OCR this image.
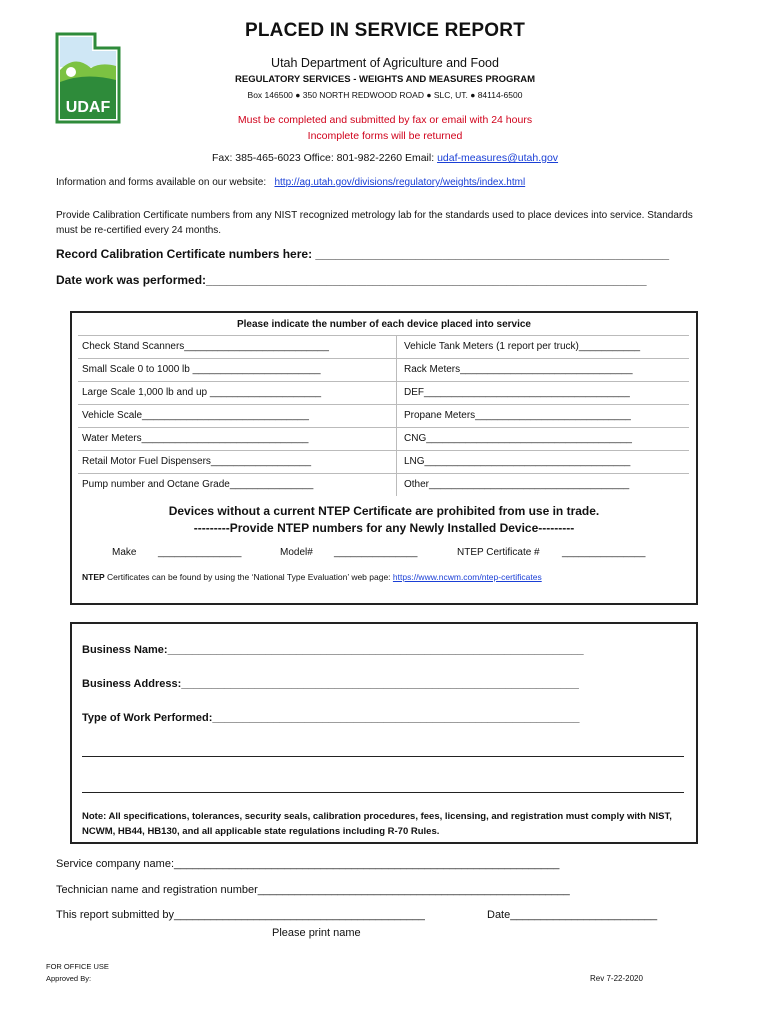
UDAF
PLACED IN SERVICE REPORT
Utah Department of Agriculture and Food
REGULATORY SERVICES - WEIGHTS AND MEASURES PROGRAM
Box 146500 ● 350 NORTH REDWOOD ROAD ● SLC, UT. ● 84114-6500
Must be completed and submitted by fax or email with 24 hours
Incomplete forms will be returned
Fax: 385-465-6023 Office: 801-982-2260 Email: udaf-measures@utah.gov
Information and forms available on our website: http://ag.utah.gov/divisions/regulatory/weights/index.html
Provide Calibration Certificate numbers from any NIST recognized metrology lab for the standards used to place devices into service. Standards must be re-certified every 24 months.
Record Calibration Certificate numbers here: _____________________________________________________
Date work was performed:__________________________________________________________________
Please indicate the number of each device placed into service
Check Stand Scanners__________________________	Vehicle Tank Meters (1 report per truck)___________
Small Scale 0 to 1000 lb _______________________	Rack Meters_______________________________
Large Scale 1,000 lb and up ____________________	DEF_____________________________________
Vehicle Scale______________________________	Propane Meters____________________________
Water Meters______________________________	CNG_____________________________________
Retail Motor Fuel Dispensers__________________	LNG_____________________________________
Pump number and Octane Grade_______________	Other____________________________________
Devices without a current NTEP Certificate are prohibited from use in trade.
---------Provide NTEP numbers for any Newly Installed Device---------
Make _______________	Model# _______________	NTEP Certificate # _______________
NTEP Certificates can be found by using the ‘National Type Evaluation’ web page: https://www.ncwm.com/ntep-certificates
Business Name:____________________________________________________________________
Business Address:_________________________________________________________________
Type of Work Performed:____________________________________________________________
Note: All specifications, tolerances, security seals, calibration procedures, fees, licensing, and registration must comply with NIST, NCWM, HB44, HB130, and all applicable state regulations including R-70 Rules.
Service company name:_______________________________________________________________
Technician name and registration number___________________________________________________
This report submitted by_________________________________________	Date________________________
Please print name
FOR OFFICE USE
Approved By:	Rev 7-22-2020
